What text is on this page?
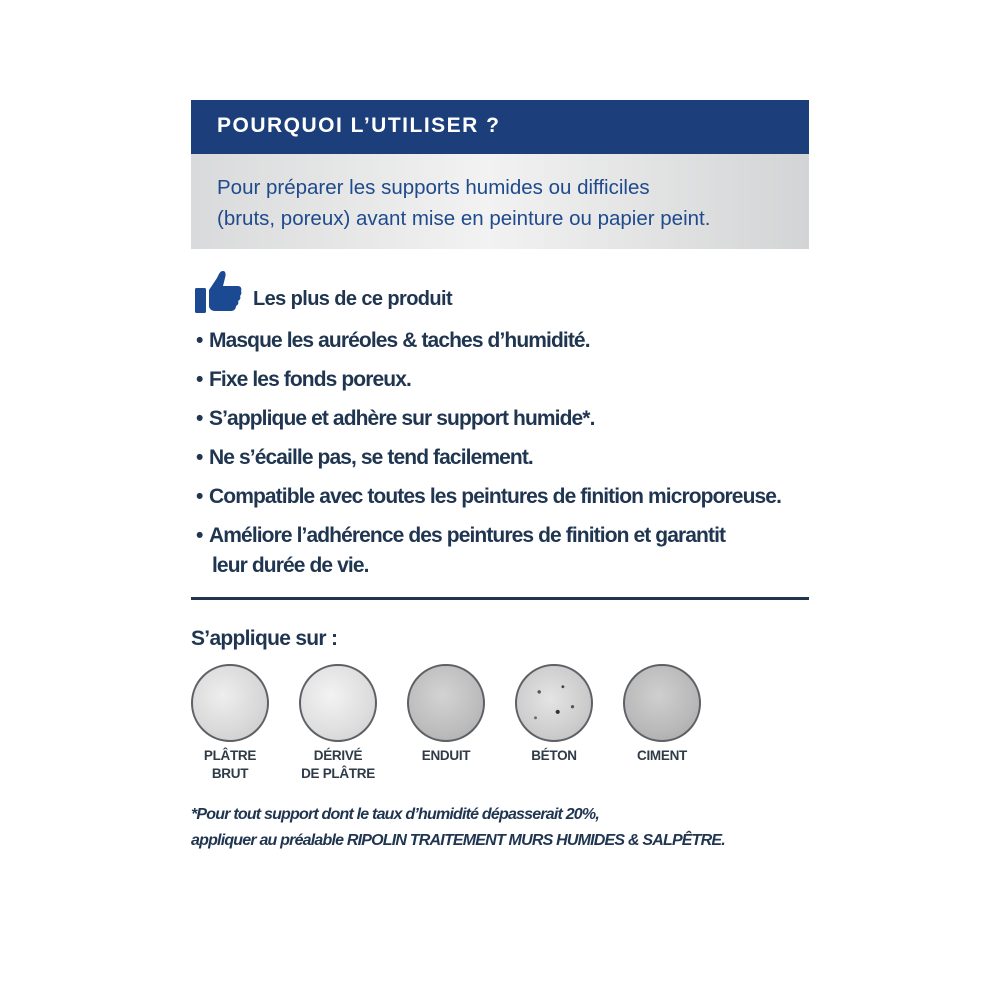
POURQUOI L’UTILISER ?
Pour préparer les supports humides ou difficiles
(bruts, poreux) avant mise en peinture ou papier peint.
Les plus de ce produit
• Masque les auréoles & taches d’humidité.
• Fixe les fonds poreux.
• S’applique et adhère sur support humide*.
• Ne s’écaille pas, se tend facilement.
• Compatible avec toutes les peintures de finition microporeuse.
• Améliore l’adhérence des peintures de finition et garantit
leur durée de vie.
S’applique sur :
PLÂTRE
BRUT
DÉRIVÉ
DE PLÂTRE
ENDUIT	BÉTON	CIMENT
*Pour tout support dont le taux d’humidité dépasserait 20%,
appliquer au préalable RIPOLIN TRAITEMENT MURS HUMIDES & SALPÊTRE.
